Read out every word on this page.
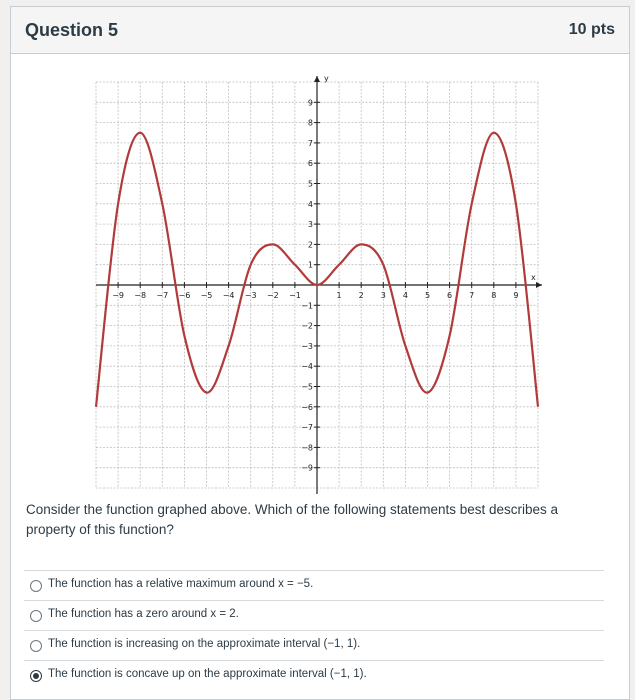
Question 5	10 pts
y
x
−9 −8 −7 −6 −5 −4 −3 −2 −1	1 2 3 4 5 6 7 8 9
9
8
7
6
5
4
3
2
1
−1
−2
−3
−4
−5
−6
−7
−8
−9
Consider the function graphed above. Which of the following statements best describes a property of this function?
The function has a relative maximum around x = −5.
The function has a zero around x = 2.
The function is increasing on the approximate interval (−1, 1).
The function is concave up on the approximate interval (−1, 1).
